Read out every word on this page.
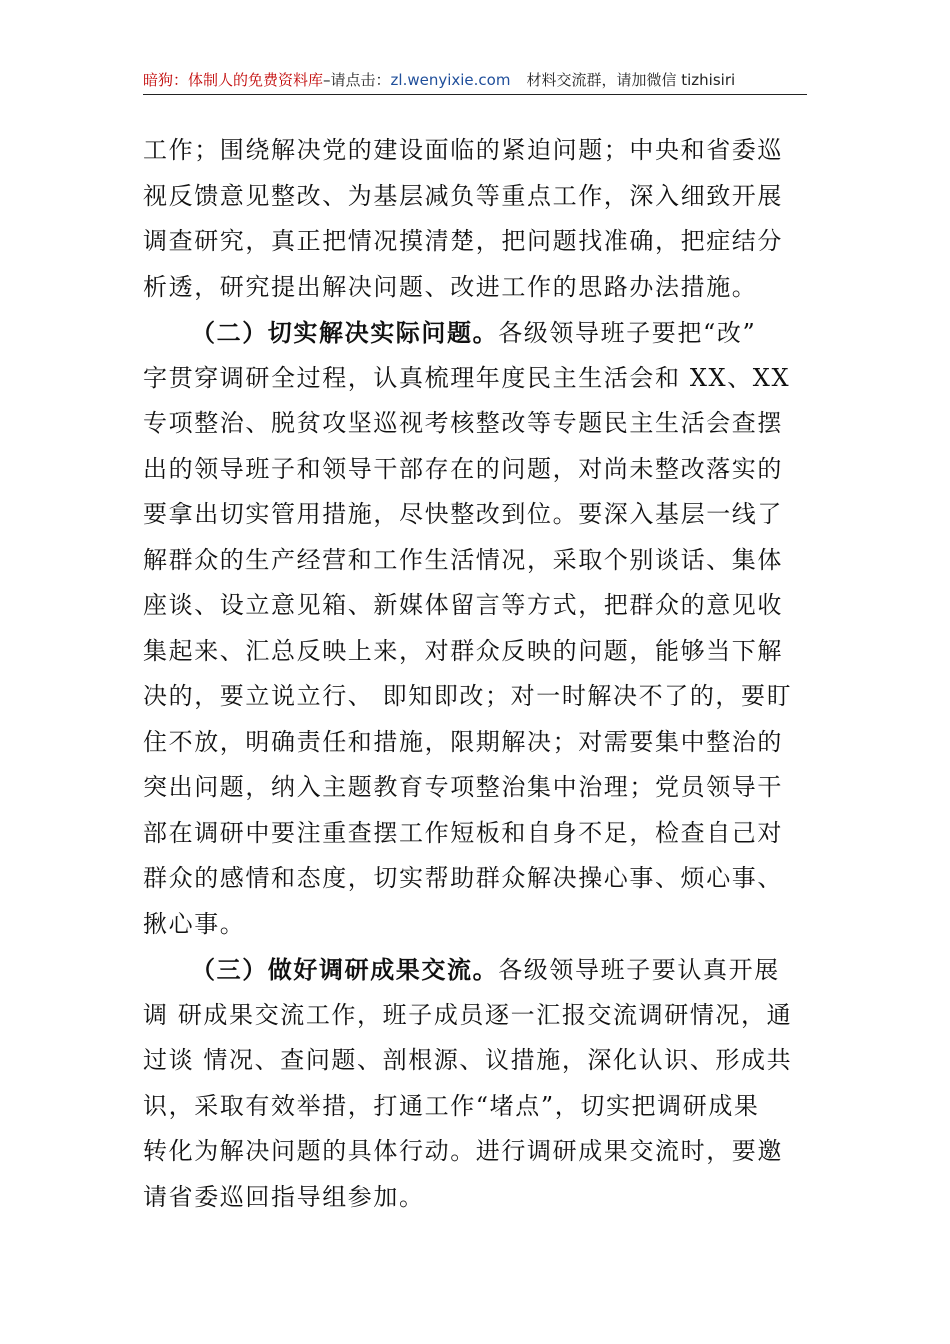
暗狗：体制人的免费资料库–请点击：zl.wenyixie.com 材料交流群，请加微信 tizhisiri
工作；围绕解决党的建设面临的紧迫问题；中央和省委巡
视反馈意见整改、为基层减负等重点工作，深入细致开展
调查研究，真正把情况摸清楚，把问题找准确，把症结分
析透，研究提出解决问题、改进工作的思路办法措施。
（二）切实解决实际问题。各级领导班子要把“改”
字贯穿调研全过程，认真梳理年度民主生活会和 XX、XX
专项整治、脱贫攻坚巡视考核整改等专题民主生活会查摆
出的领导班子和领导干部存在的问题，对尚未整改落实的
要拿出切实管用措施，尽快整改到位。要深入基层一线了
解群众的生产经营和工作生活情况，采取个别谈话、集体
座谈、设立意见箱、新媒体留言等方式，把群众的意见收
集起来、汇总反映上来，对群众反映的问题，能够当下解
决的，要立说立行、 即知即改；对一时解决不了的，要盯
住不放，明确责任和措施，限期解决；对需要集中整治的
突出问题，纳入主题教育专项整治集中治理；党员领导干
部在调研中要注重查摆工作短板和自身不足，检查自己对
群众的感情和态度，切实帮助群众解决操心事、烦心事、
揪心事。
（三）做好调研成果交流。各级领导班子要认真开展
调 研成果交流工作，班子成员逐一汇报交流调研情况，通
过谈 情况、查问题、剖根源、议措施，深化认识、形成共
识，采取有效举措，打通工作“堵点”，切实把调研成果
转化为解决问题的具体行动。进行调研成果交流时，要邀
请省委巡回指导组参加。
